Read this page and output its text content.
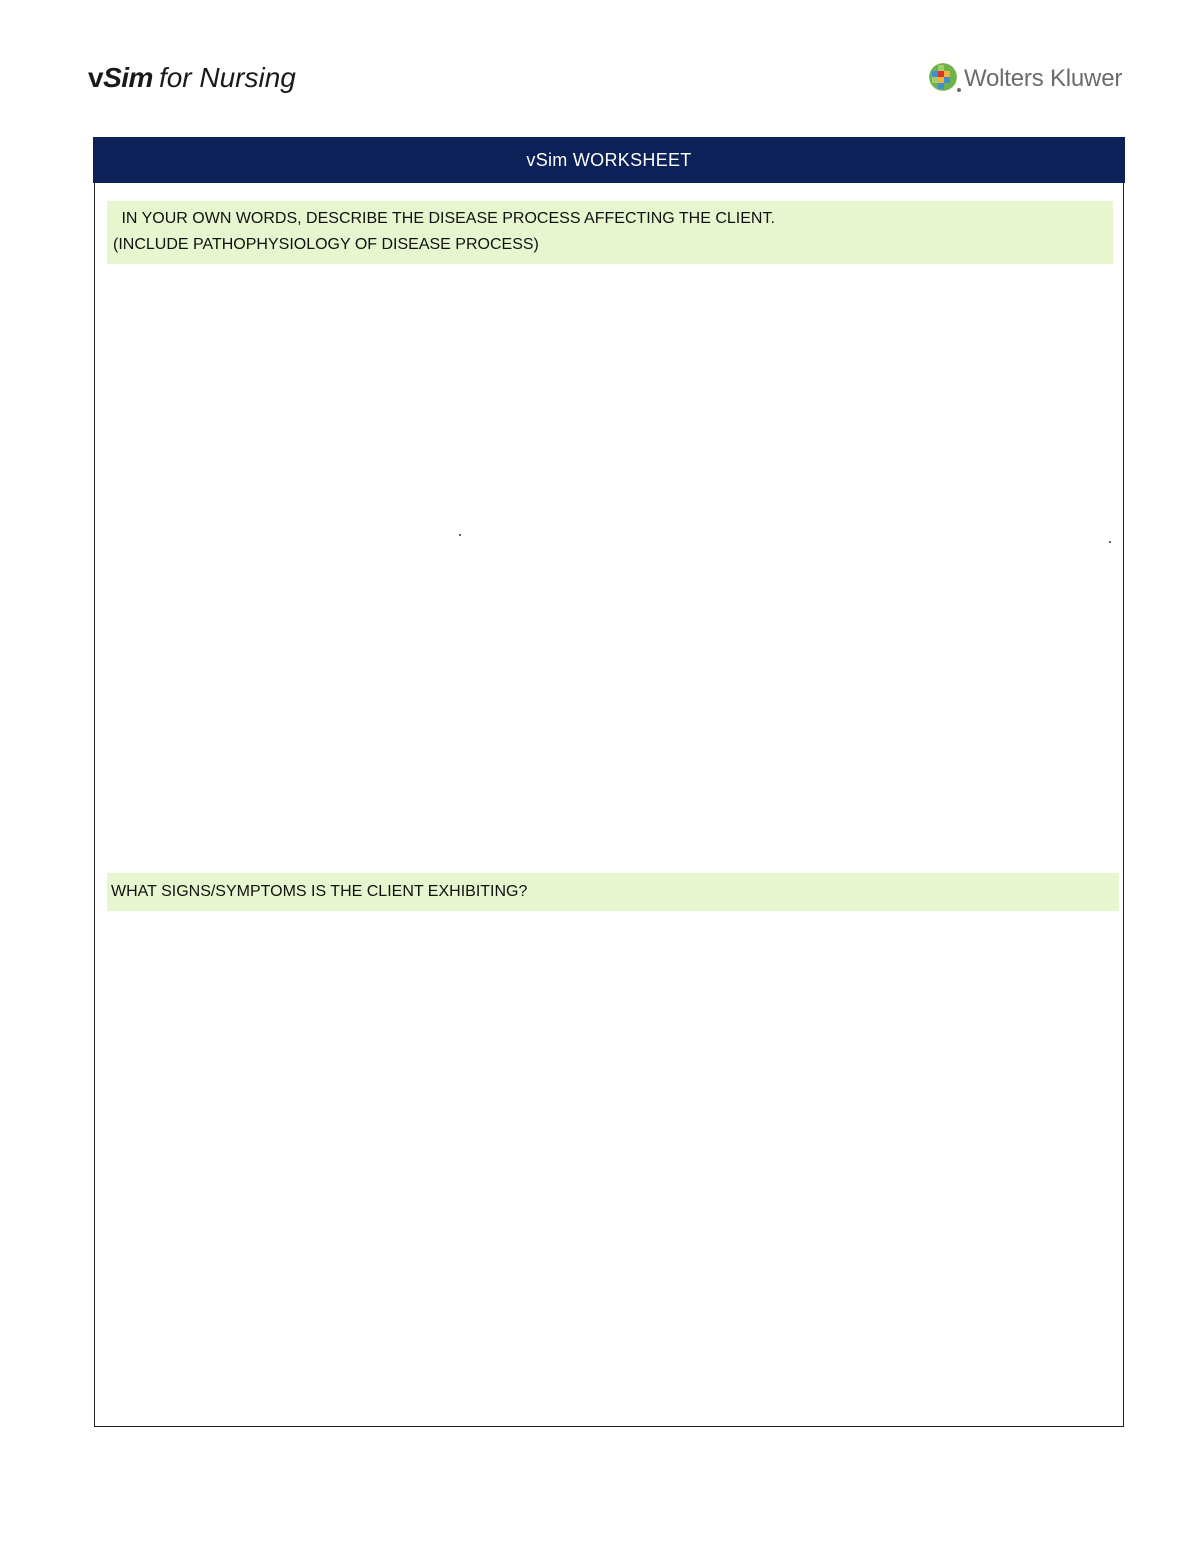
vSim for Nursing	Wolters Kluwer
vSim WORKSHEET
IN YOUR OWN WORDS, DESCRIBE THE DISEASE PROCESS AFFECTING THE CLIENT.
(INCLUDE PATHOPHYSIOLOGY OF DISEASE PROCESS)
WHAT SIGNS/SYMPTOMS IS THE CLIENT EXHIBITING?
